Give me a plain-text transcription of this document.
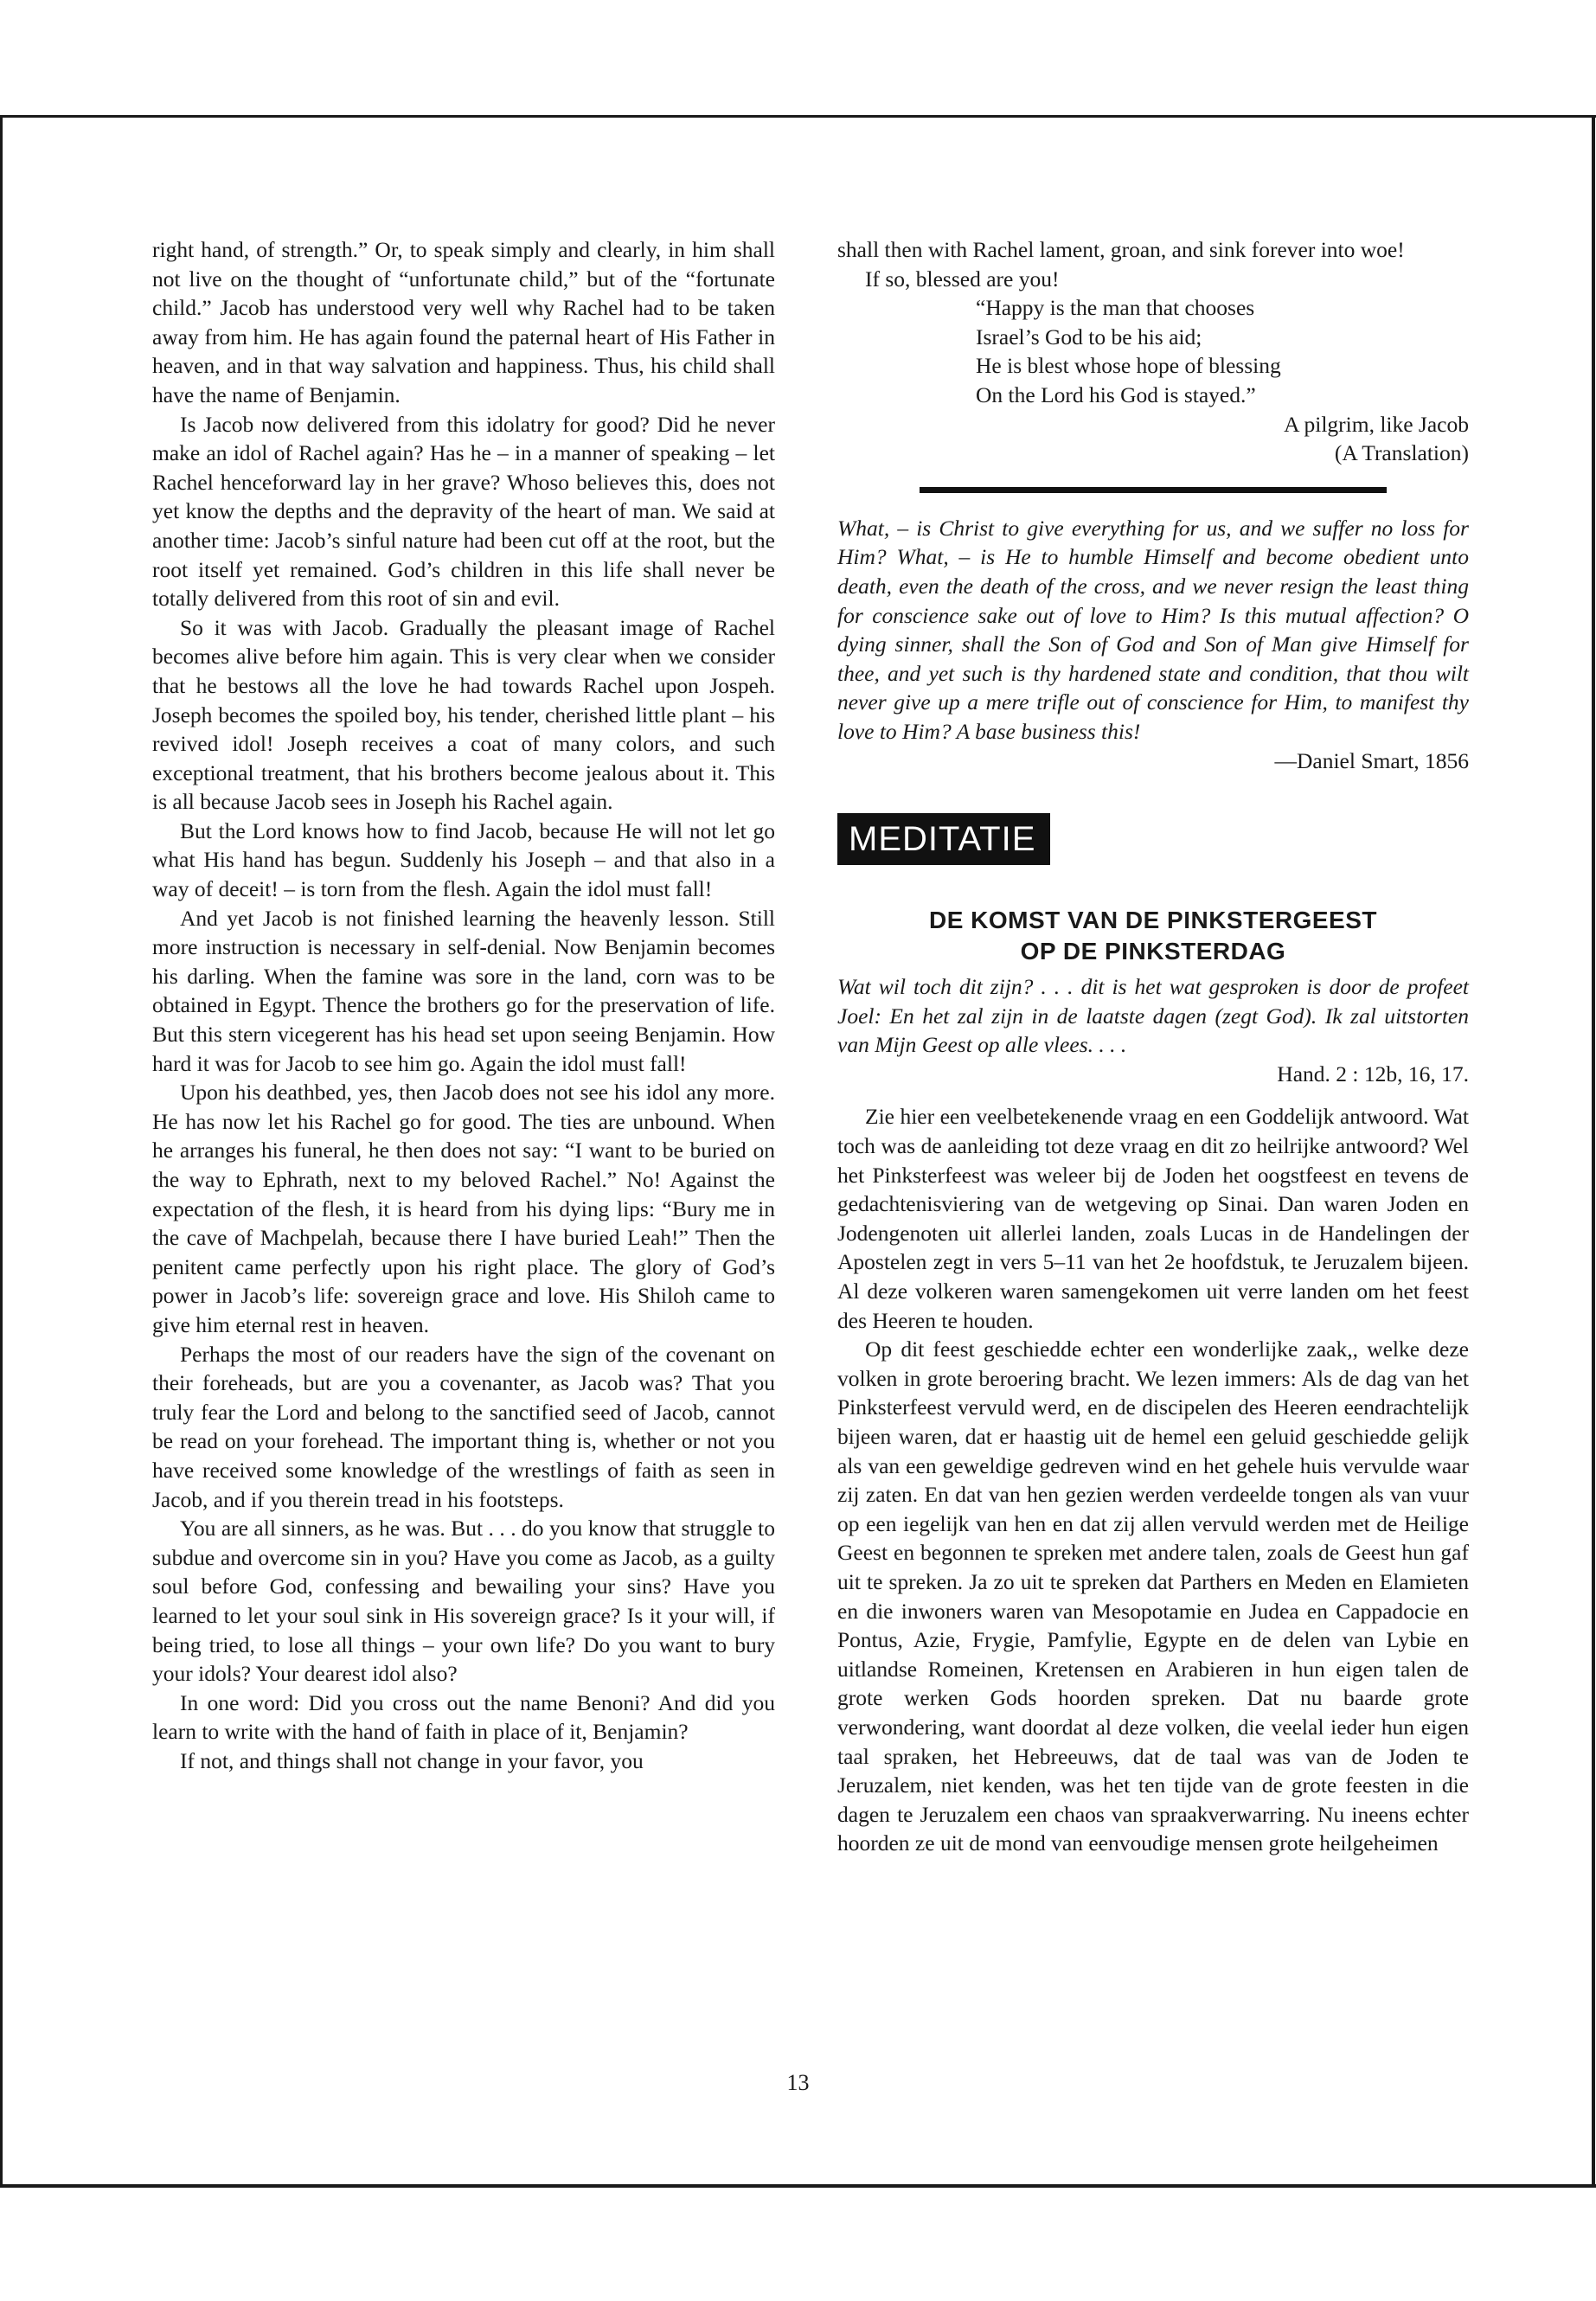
right hand, of strength.” Or, to speak simply and clearly, in him shall not live on the thought of “unfortunate child,” but of the “fortunate child.” Jacob has understood very well why Rachel had to be taken away from him. He has again found the paternal heart of His Father in heaven, and in that way salvation and happiness. Thus, his child shall have the name of Benjamin.

Is Jacob now delivered from this idolatry for good? Did he never make an idol of Rachel again? Has he – in a manner of speaking – let Rachel henceforward lay in her grave? Whoso believes this, does not yet know the depths and the depravity of the heart of man. We said at another time: Jacob’s sinful nature had been cut off at the root, but the root itself yet remained. God’s children in this life shall never be totally delivered from this root of sin and evil.

So it was with Jacob. Gradually the pleasant image of Rachel becomes alive before him again. This is very clear when we consider that he bestows all the love he had towards Rachel upon Jospeh. Joseph becomes the spoiled boy, his tender, cherished little plant – his revived idol! Joseph receives a coat of many colors, and such exceptional treatment, that his brothers become jealous about it. This is all because Jacob sees in Joseph his Rachel again.

But the Lord knows how to find Jacob, because He will not let go what His hand has begun. Suddenly his Joseph – and that also in a way of deceit! – is torn from the flesh. Again the idol must fall!

And yet Jacob is not finished learning the heavenly lesson. Still more instruction is necessary in self-denial. Now Benjamin becomes his darling. When the famine was sore in the land, corn was to be obtained in Egypt. Thence the brothers go for the preservation of life. But this stern vicegerent has his head set upon seeing Benjamin. How hard it was for Jacob to see him go. Again the idol must fall!

Upon his deathbed, yes, then Jacob does not see his idol any more. He has now let his Rachel go for good. The ties are unbound. When he arranges his funeral, he then does not say: “I want to be buried on the way to Ephrath, next to my beloved Rachel.” No! Against the expectation of the flesh, it is heard from his dying lips: “Bury me in the cave of Machpelah, because there I have buried Leah!” Then the penitent came perfectly upon his right place. The glory of God’s power in Jacob’s life: sovereign grace and love. His Shiloh came to give him eternal rest in heaven.

Perhaps the most of our readers have the sign of the covenant on their foreheads, but are you a covenanter, as Jacob was? That you truly fear the Lord and belong to the sanctified seed of Jacob, cannot be read on your forehead. The important thing is, whether or not you have received some knowledge of the wrestlings of faith as seen in Jacob, and if you therein tread in his footsteps.

You are all sinners, as he was. But . . . do you know that struggle to subdue and overcome sin in you? Have you come as Jacob, as a guilty soul before God, confessing and bewailing your sins? Have you learned to let your soul sink in His sovereign grace? Is it your will, if being tried, to lose all things – your own life? Do you want to bury your idols? Your dearest idol also?

In one word: Did you cross out the name Benoni? And did you learn to write with the hand of faith in place of it, Benjamin?

If not, and things shall not change in your favor, you

shall then with Rachel lament, groan, and sink forever into woe!

If so, blessed are you!

“Happy is the man that chooses
Israel’s God to be his aid;
He is blest whose hope of blessing
On the Lord his God is stayed.”
A pilgrim, like Jacob
(A Translation)

What, – is Christ to give everything for us, and we suffer no loss for Him? What, – is He to humble Himself and become obedient unto death, even the death of the cross, and we never resign the least thing for conscience sake out of love to Him? Is this mutual affection? O dying sinner, shall the Son of God and Son of Man give Himself for thee, and yet such is thy hardened state and condition, that thou wilt never give up a mere trifle out of conscience for Him, to manifest thy love to Him? A base business this!

—Daniel Smart, 1856
MEDITATIE
DE KOMST VAN DE PINKSTERGEEST
OP DE PINKSTERDAG
Wat wil toch dit zijn? . . . dit is het wat gesproken is door de profeet Joel: En het zal zijn in de laatste dagen (zegt God). Ik zal uitstorten van Mijn Geest op alle vlees. . . .
Hand. 2 : 12b, 16, 17.

Zie hier een veelbetekenende vraag en een Goddelijk antwoord. Wat toch was de aanleiding tot deze vraag en dit zo heilrijke antwoord? Wel het Pinksterfeest was weleer bij de Joden het oogstfeest en tevens de gedachtenisviering van de wetgeving op Sinai. Dan waren Joden en Jodengenoten uit allerlei landen, zoals Lucas in de Handelingen der Apostelen zegt in vers 5–11 van het 2e hoofdstuk, te Jeruzalem bijeen. Al deze volkeren waren samengekomen uit verre landen om het feest des Heeren te houden.

Op dit feest geschiedde echter een wonderlijke zaak,, welke deze volken in grote beroering bracht. We lezen immers: Als de dag van het Pinksterfeest vervuld werd, en de discipelen des Heeren eendrachtelijk bijeen waren, dat er haastig uit de hemel een geluid geschiedde gelijk als van een geweldige gedreven wind en het gehele huis vervulde waar zij zaten. En dat van hen gezien werden verdeelde tongen als van vuur op een iegelijk van hen en dat zij allen vervuld werden met de Heilige Geest en begonnen te spreken met andere talen, zoals de Geest hun gaf uit te spreken. Ja zo uit te spreken dat Parthers en Meden en Elamieten en die inwoners waren van Mesopotamie en Judea en Cappadocie en Pontus, Azie, Frygie, Pamfylie, Egypte en de delen van Lybie en uitlandse Romeinen, Kretensen en Arabieren in hun eigen talen de grote werken Gods hoorden spreken. Dat nu baarde grote verwondering, want doordat al deze volken, die veelal ieder hun eigen taal spraken, het Hebreeuws, dat de taal was van de Joden te Jeruzalem, niet kenden, was het ten tijde van de grote feesten in die dagen te Jeruzalem een chaos van spraakverwarring. Nu ineens echter hoorden ze uit de mond van eenvoudige mensen grote heilgeheimen

13
